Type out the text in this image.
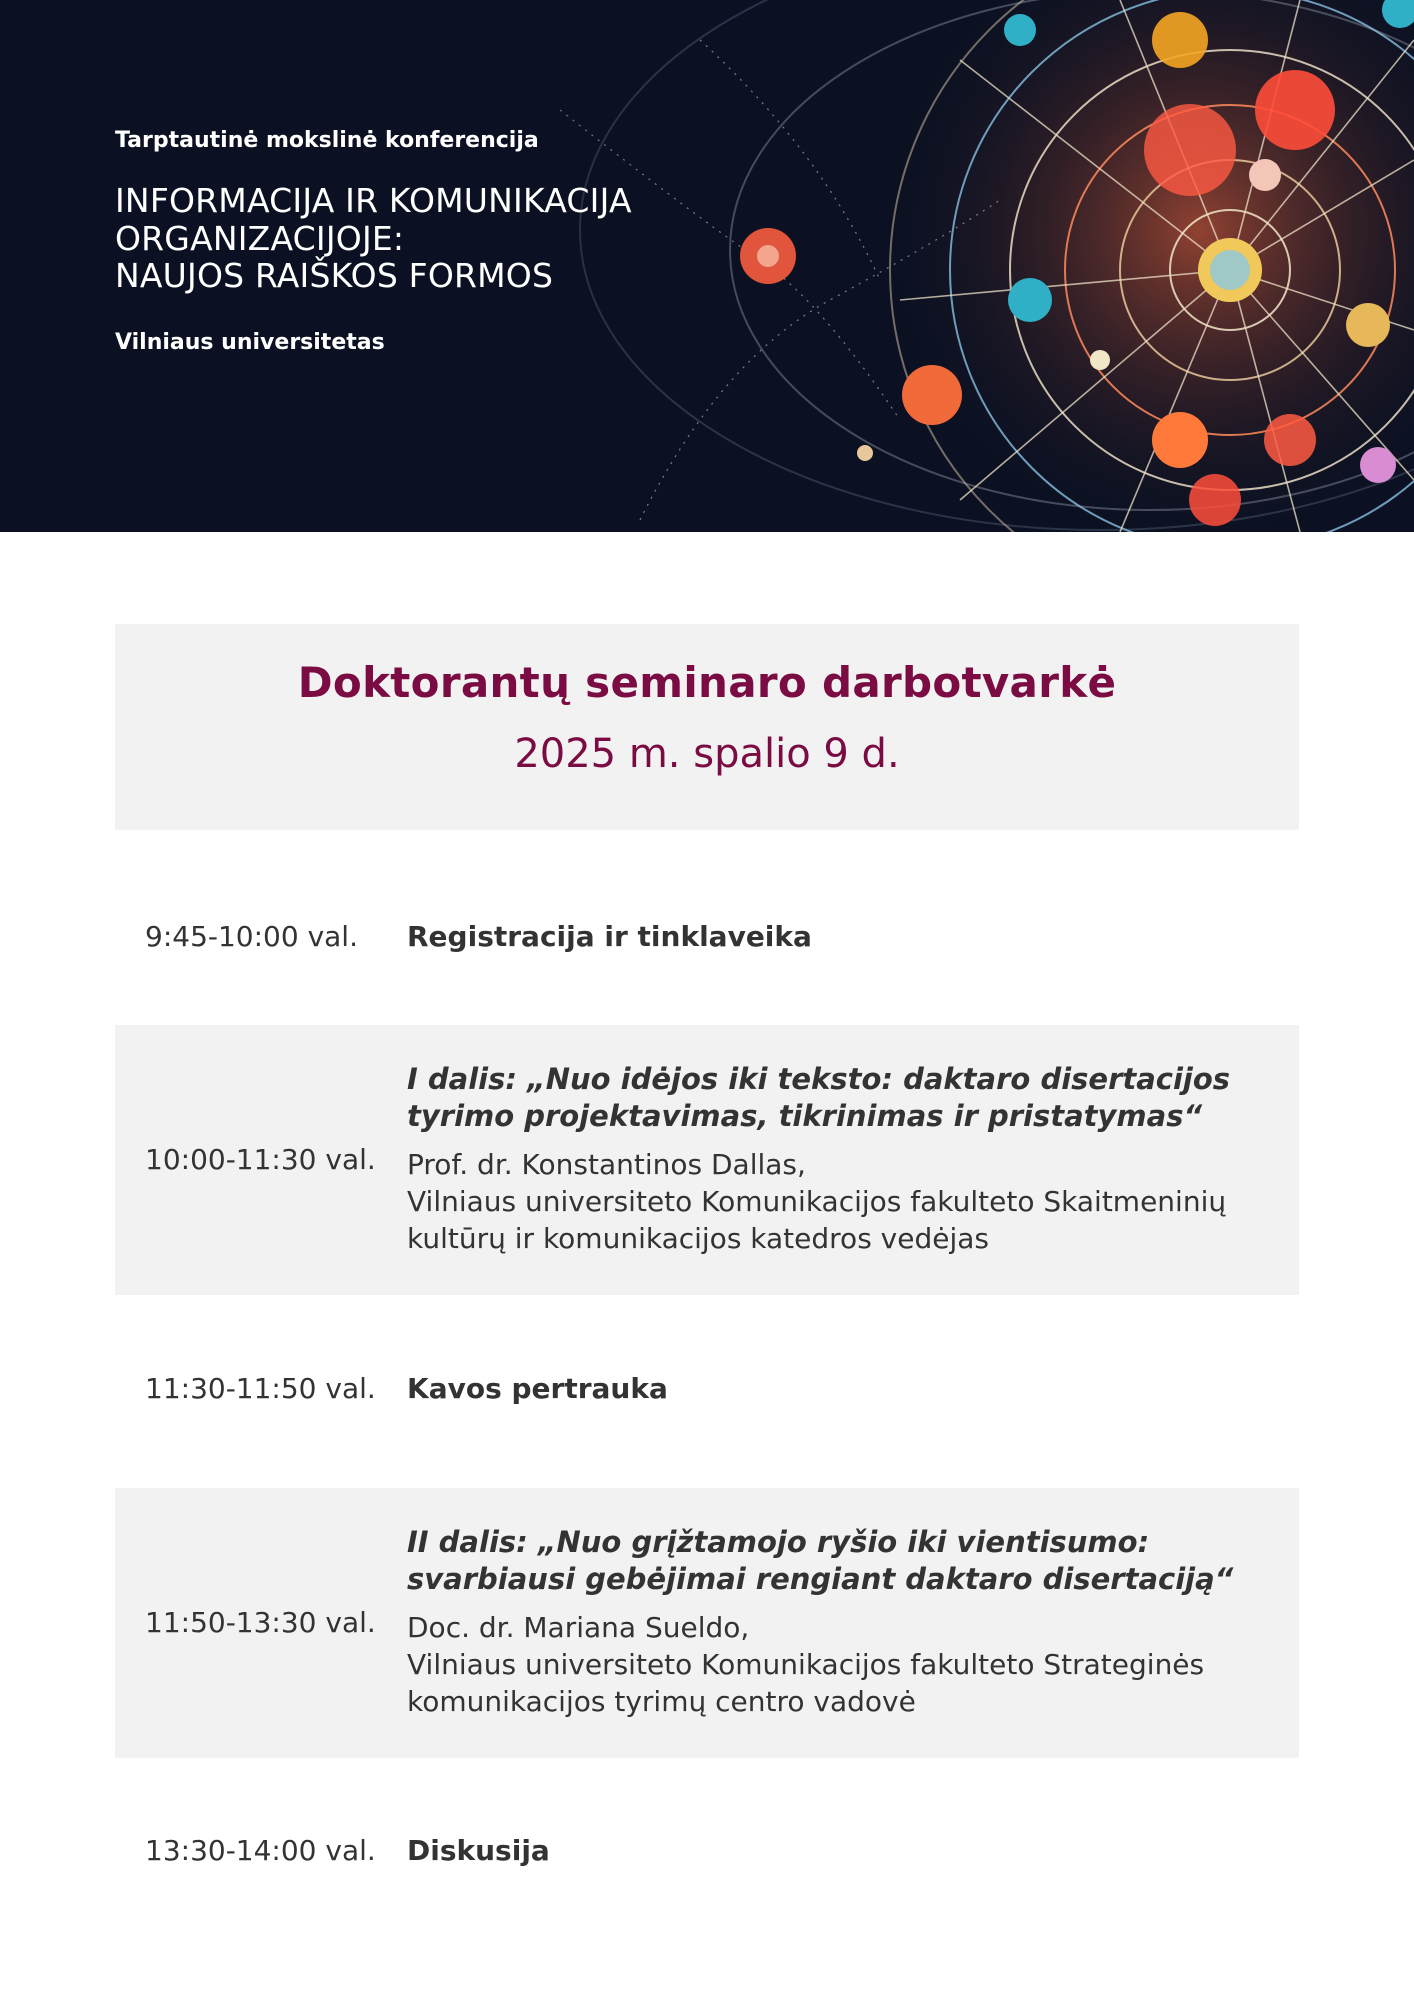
Tarptautinė mokslinė konferencija
INFORMACIJA IR KOMUNIKACIJA
ORGANIZACIJOJE:
NAUJOS RAIŠKOS FORMOS
Vilniaus universitetas
Doktorantų seminaro darbotvarkė
2025 m. spalio 9 d.
9:45-10:00 val. Registracija ir tinklaveika
10:00-11:30 val.
I dalis: „Nuo idėjos iki teksto: daktaro disertacijos tyrimo projektavimas, tikrinimas ir pristatymas“
Prof. dr. Konstantinos Dallas,
Vilniaus universiteto Komunikacijos fakulteto Skaitmeninių kultūrų ir komunikacijos katedros vedėjas
11:30-11:50 val. Kavos pertrauka
11:50-13:30 val.
II dalis: „Nuo grįžtamojo ryšio iki vientisumo: svarbiausi gebėjimai rengiant daktaro disertaciją“
Doc. dr. Mariana Sueldo,
Vilniaus universiteto Komunikacijos fakulteto Strateginės komunikacijos tyrimų centro vadovė
13:30-14:00 val. Diskusija
